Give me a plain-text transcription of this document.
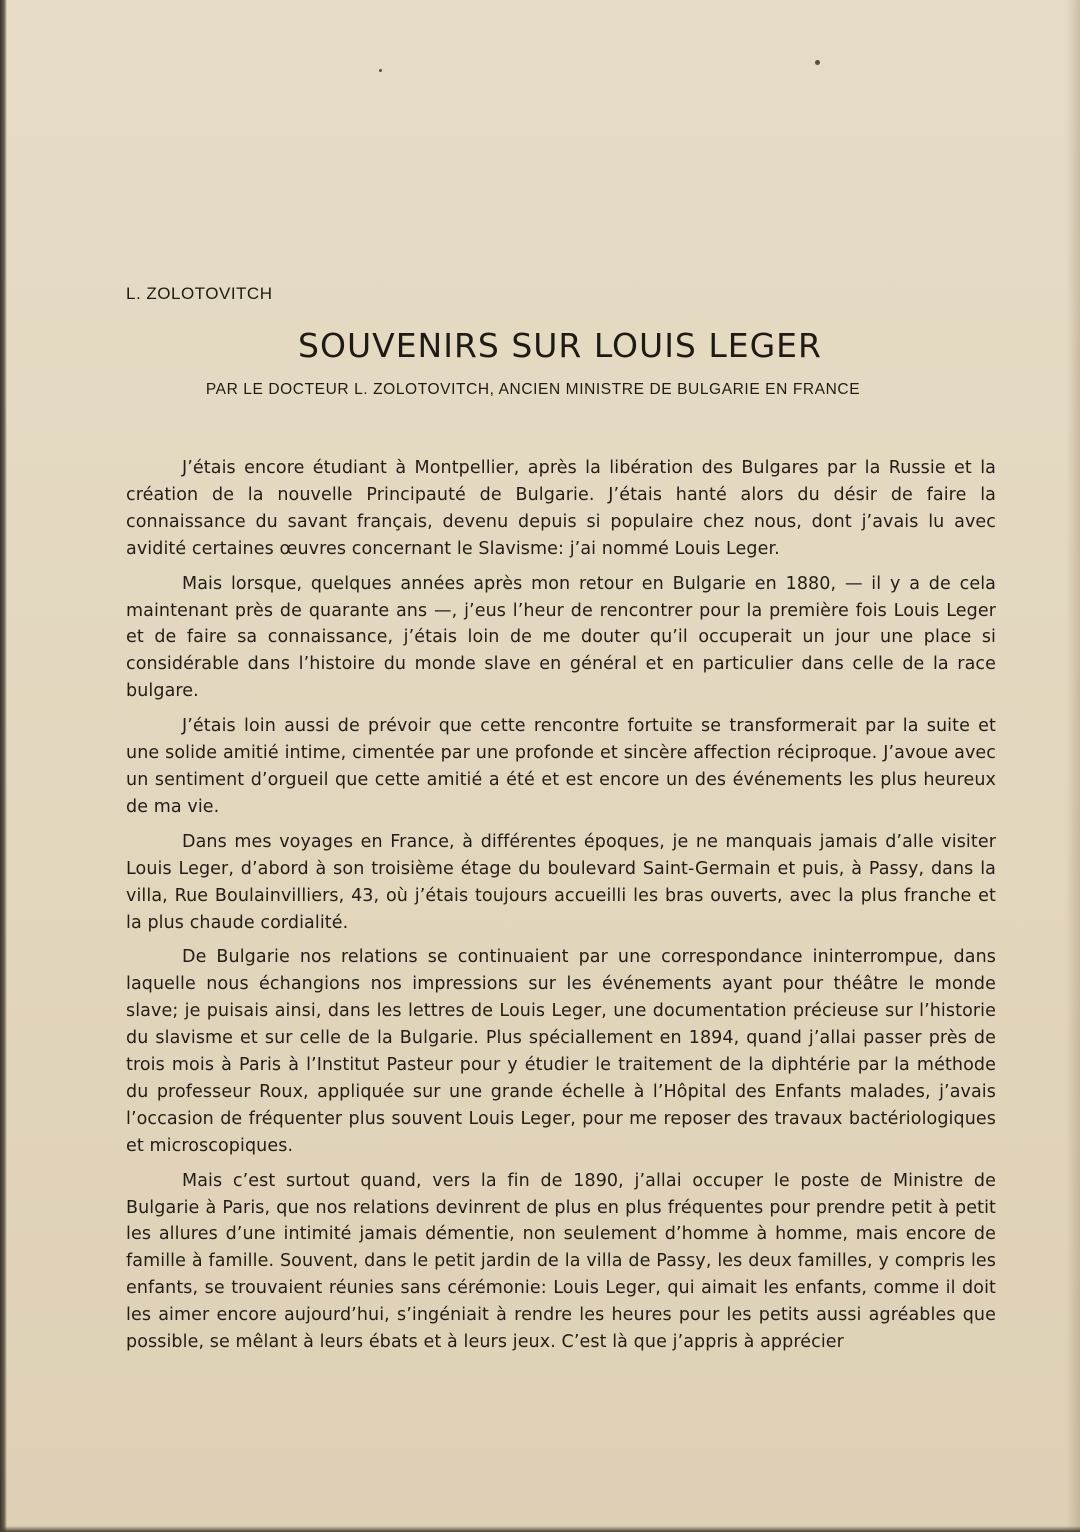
L. ZOLOTOVITCH
SOUVENIRS SUR LOUIS LEGER
PAR LE DOCTEUR L. ZOLOTOVITCH, ANCIEN MINISTRE DE BULGARIE EN FRANCE

J’étais encore étudiant à Montpellier, après la libération des Bulgares par la Russie et la création de la nouvelle Principauté de Bulgarie. J’étais hanté alors du désir de faire la connaissance du savant français, devenu depuis si populaire chez nous, dont j’avais lu avec avidité certaines œuvres concernant le Slavisme: j’ai nommé Louis Leger.

Mais lorsque, quelques années après mon retour en Bulgarie en 1880, — il y a de cela maintenant près de quarante ans —, j’eus l’heur de rencontrer pour la première fois Louis Leger et de faire sa connaissance, j’étais loin de me douter qu’il occuperait un jour une place si considérable dans l’histoire du monde slave en général et en particulier dans celle de la race bulgare.

J’étais loin aussi de prévoir que cette rencontre fortuite se transformerait par la suite et une solide amitié intime, cimentée par une profonde et sincère affection réciproque. J’avoue avec un sentiment d’orgueil que cette amitié a été et est encore un des événements les plus heureux de ma vie.

Dans mes voyages en France, à différentes époques, je ne manquais jamais d’alle visiter Louis Leger, d’abord à son troisième étage du boulevard Saint-Germain et puis, à Passy, dans la villa, Rue Boulainvilliers, 43, où j’étais toujours accueilli les bras ouverts, avec la plus franche et la plus chaude cordialité.

De Bulgarie nos relations se continuaient par une correspondance ininterrompue, dans laquelle nous échangions nos impressions sur les événements ayant pour théâtre le monde slave; je puisais ainsi, dans les lettres de Louis Leger, une documentation précieuse sur l’historie du slavisme et sur celle de la Bulgarie. Plus spéciallement en 1894, quand j’allai passer près de trois mois à Paris à l’Institut Pasteur pour y étudier le traitement de la diphtérie par la méthode du professeur Roux, appliquée sur une grande échelle à l’Hôpital des Enfants malades, j’avais l’occasion de fréquenter plus souvent Louis Leger, pour me reposer des travaux bactériologiques et microscopiques.

Mais c’est surtout quand, vers la fin de 1890, j’allai occuper le poste de Ministre de Bulgarie à Paris, que nos relations devinrent de plus en plus fréquentes pour prendre petit à petit les allures d’une intimité jamais démentie, non seulement d’homme à homme, mais encore de famille à famille. Souvent, dans le petit jardin de la villa de Passy, les deux familles, y compris les enfants, se trouvaient réunies sans cérémonie: Louis Leger, qui aimait les enfants, comme il doit les aimer encore aujourd’hui, s’ingéniait à rendre les heures pour les petits aussi agréables que possible, se mêlant à leurs ébats et à leurs jeux. C’est là que j’appris à apprécier
